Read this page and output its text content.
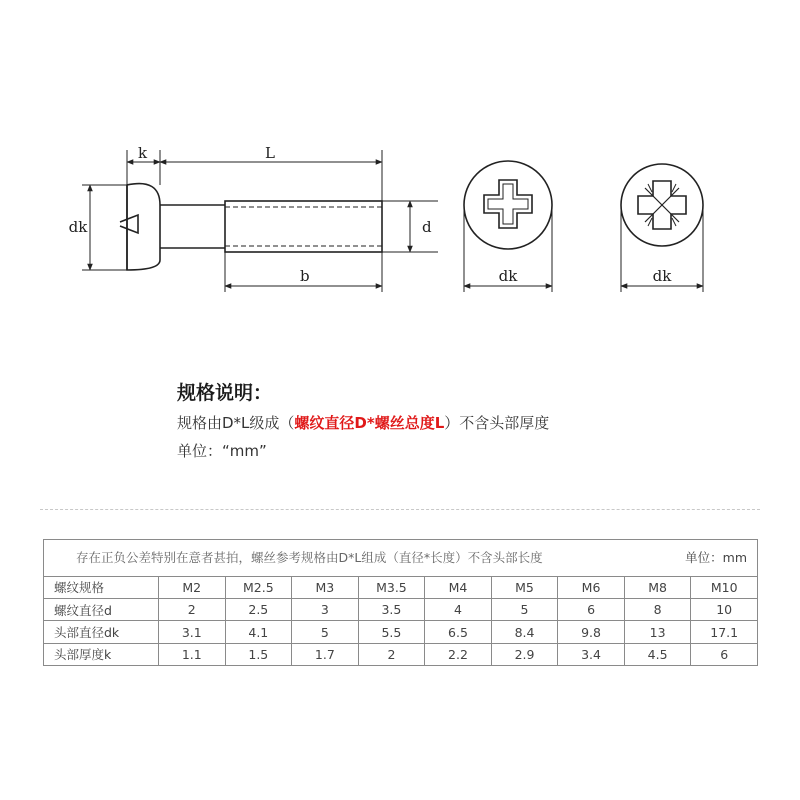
k	L
dk	d
b	dk	dk
规格说明：
规格由D*L级成（螺纹直径D*螺丝总度L）不含头部厚度
单位：“mm”
存在正负公差特别在意者甚拍，螺丝参考规格由D*L组成（直径*长度）不含头部长度 单位：mm									

螺纹规格	M2	M2.5	M3	M3.5	M4	M5	M6	M8	M10
螺纹直径d	2	2.5	3	3.5	4	5	6	8	10
头部直径dk	3.1	4.1	5	5.5	6.5	8.4	9.8	13	17.1
头部厚度k	1.1	1.5	1.7	2	2.2	2.9	3.4	4.5	6
